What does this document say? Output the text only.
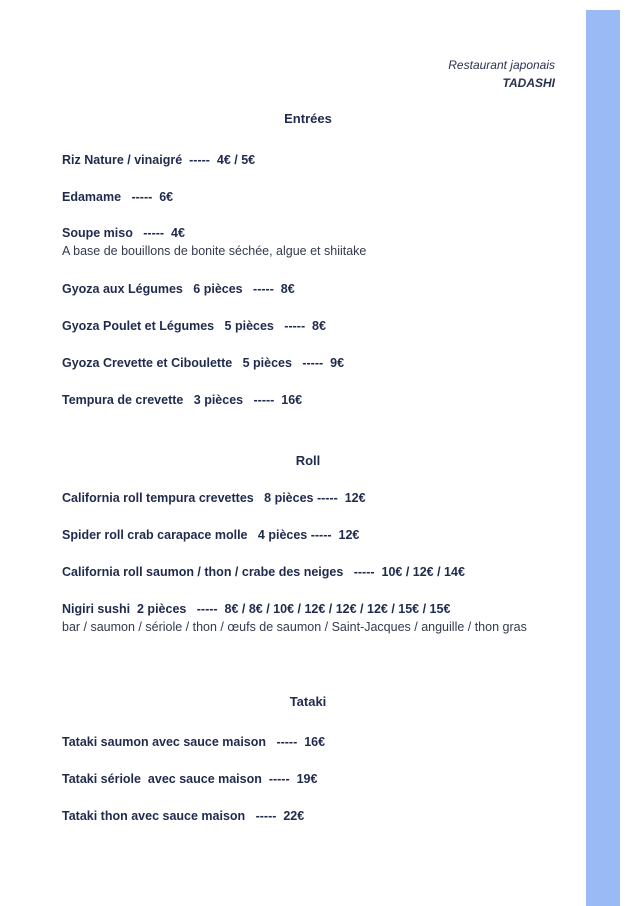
Restaurant japonais
TADASHI
Entrées
Riz Nature / vinaigré  -----  4€ / 5€
Edamame   -----  6€
Soupe miso   -----  4€
A base de bouillons de bonite séchée, algue et shiitake
Gyoza aux Légumes   6 pièces   -----  8€
Gyoza Poulet et Légumes   5 pièces   -----  8€
Gyoza Crevette et Ciboulette   5 pièces   -----  9€
Tempura de crevette   3 pièces   -----  16€
Roll
California roll tempura crevettes   8 pièces -----  12€
Spider roll crab carapace molle   4 pièces -----  12€
California roll saumon / thon / crabe des neiges   -----  10€ / 12€ / 14€
Nigiri sushi  2 pièces   -----  8€ / 8€ / 10€ / 12€ / 12€ / 12€ / 15€ / 15€
bar / saumon / sériole / thon / œufs de saumon / Saint-Jacques / anguille / thon gras
Tataki
Tataki saumon avec sauce maison   -----  16€
Tataki sériole  avec sauce maison  -----  19€
Tataki thon avec sauce maison   -----  22€
